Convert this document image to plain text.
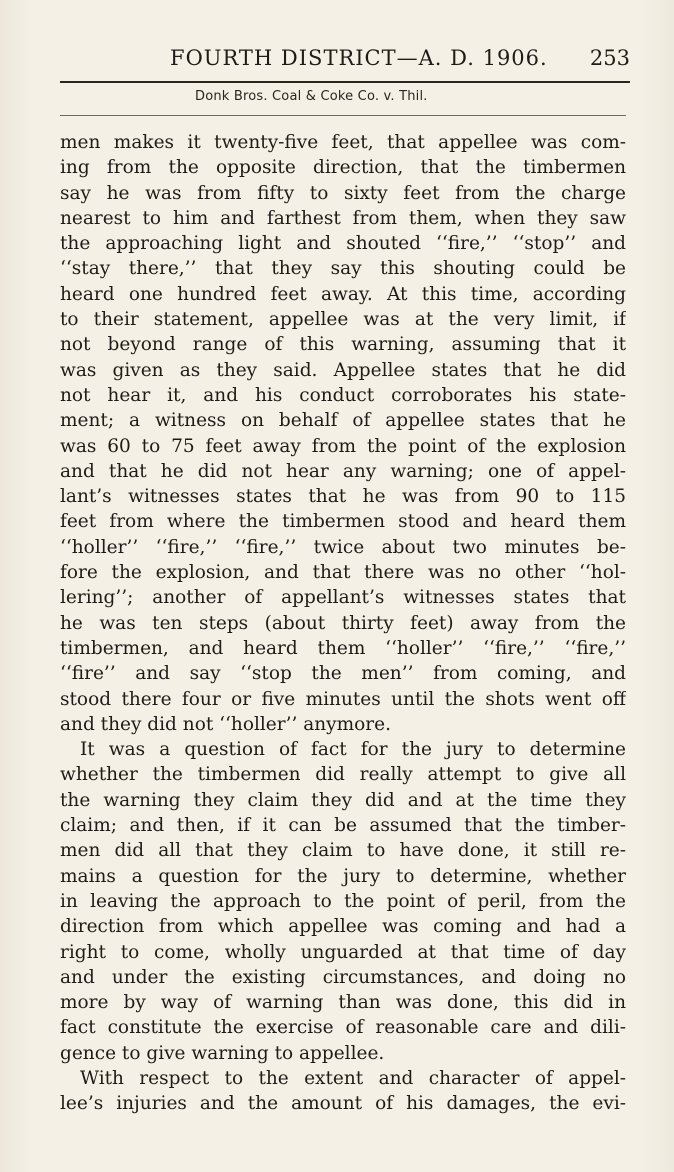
FOURTH DISTRICT—A. D. 1906. 253
Donk Bros. Coal & Coke Co. v. Thil.
men makes it twenty-five feet, that appellee was com-
ing from the opposite direction, that the timbermen
say he was from fifty to sixty feet from the charge
nearest to him and farthest from them, when they saw
the approaching light and shouted ‘‘fire,’’ ‘‘stop’’ and
‘‘stay there,’’ that they say this shouting could be
heard one hundred feet away. At this time, according
to their statement, appellee was at the very limit, if
not beyond range of this warning, assuming that it
was given as they said. Appellee states that he did
not hear it, and his conduct corroborates his state-
ment; a witness on behalf of appellee states that he
was 60 to 75 feet away from the point of the explosion
and that he did not hear any warning; one of appel-
lant’s witnesses states that he was from 90 to 115
feet from where the timbermen stood and heard them
‘‘holler’’ ‘‘fire,’’ ‘‘fire,’’ twice about two minutes be-
fore the explosion, and that there was no other ‘‘hol-
lering’’; another of appellant’s witnesses states that
he was ten steps (about thirty feet) away from the
timbermen, and heard them ‘‘holler’’ ‘‘fire,’’ ‘‘fire,’’
‘‘fire’’ and say ‘‘stop the men’’ from coming, and
stood there four or five minutes until the shots went off
and they did not ‘‘holler’’ anymore.
It was a question of fact for the jury to determine
whether the timbermen did really attempt to give all
the warning they claim they did and at the time they
claim; and then, if it can be assumed that the timber-
men did all that they claim to have done, it still re-
mains a question for the jury to determine, whether
in leaving the approach to the point of peril, from the
direction from which appellee was coming and had a
right to come, wholly unguarded at that time of day
and under the existing circumstances, and doing no
more by way of warning than was done, this did in
fact constitute the exercise of reasonable care and dili-
gence to give warning to appellee.
With respect to the extent and character of appel-
lee’s injuries and the amount of his damages, the evi-
